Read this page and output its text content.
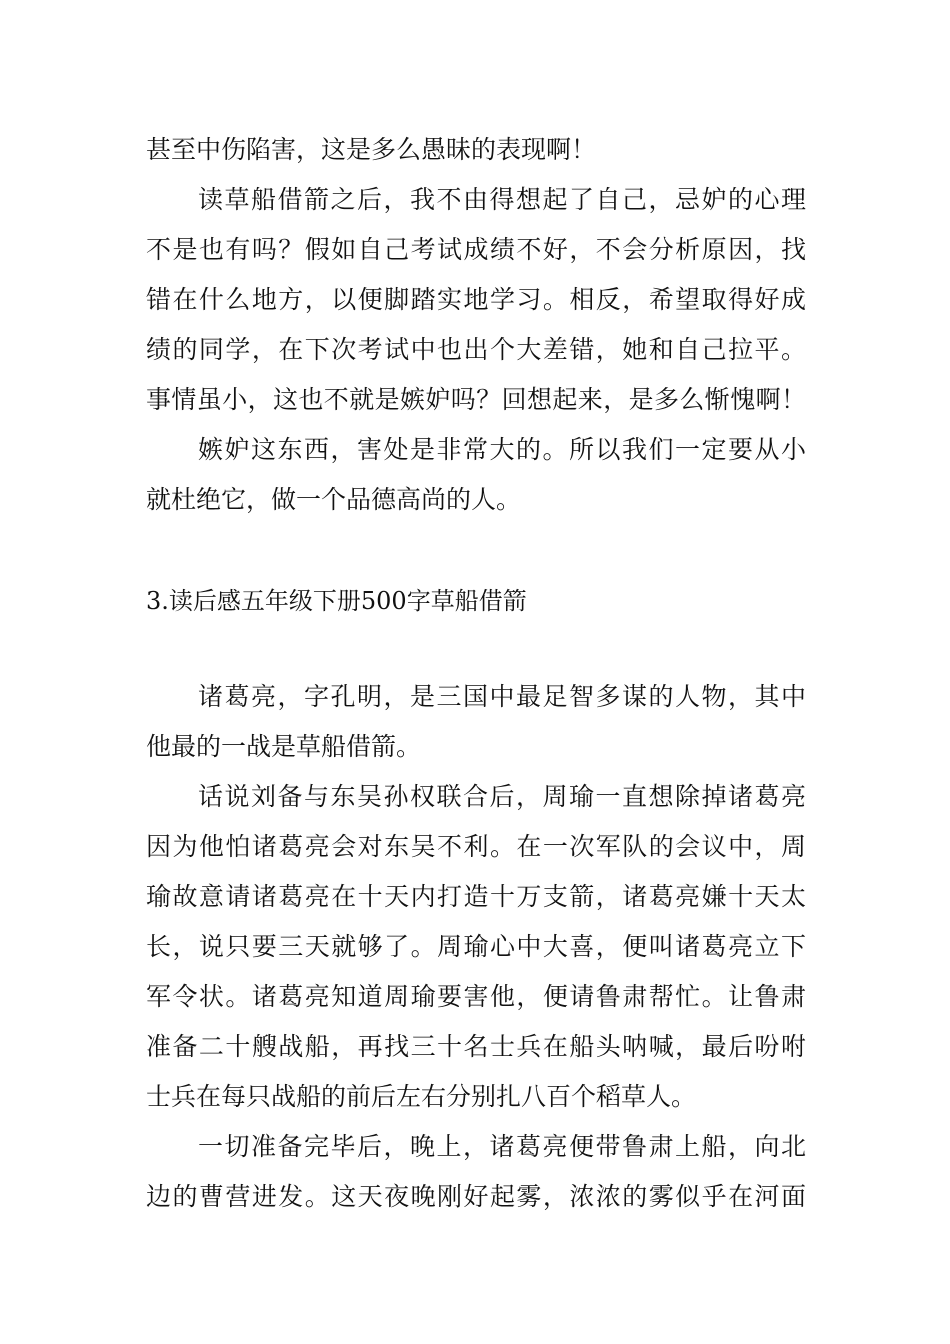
甚至中伤陷害，这是多么愚昧的表现啊！
读草船借箭之后，我不由得想起了自己，忌妒的心理
不是也有吗？假如自己考试成绩不好，不会分析原因，找
错在什么地方，以便脚踏实地学习。相反，希望取得好成
绩的同学，在下次考试中也出个大差错，她和自己拉平。
事情虽小，这也不就是嫉妒吗？回想起来，是多么惭愧啊！
嫉妒这东西，害处是非常大的。所以我们一定要从小
就杜绝它，做一个品德高尚的人。
3.读后感五年级下册500字草船借箭
诸葛亮，字孔明，是三国中最足智多谋的人物，其中
他最的一战是草船借箭。
话说刘备与东吴孙权联合后，周瑜一直想除掉诸葛亮
因为他怕诸葛亮会对东吴不利。在一次军队的会议中，周
瑜故意请诸葛亮在十天内打造十万支箭，诸葛亮嫌十天太
长，说只要三天就够了。周瑜心中大喜，便叫诸葛亮立下
军令状。诸葛亮知道周瑜要害他，便请鲁肃帮忙。让鲁肃
准备二十艘战船，再找三十名士兵在船头呐喊，最后吩咐
士兵在每只战船的前后左右分别扎八百个稻草人。
一切准备完毕后，晚上，诸葛亮便带鲁肃上船，向北
边的曹营进发。这天夜晚刚好起雾，浓浓的雾似乎在河面
